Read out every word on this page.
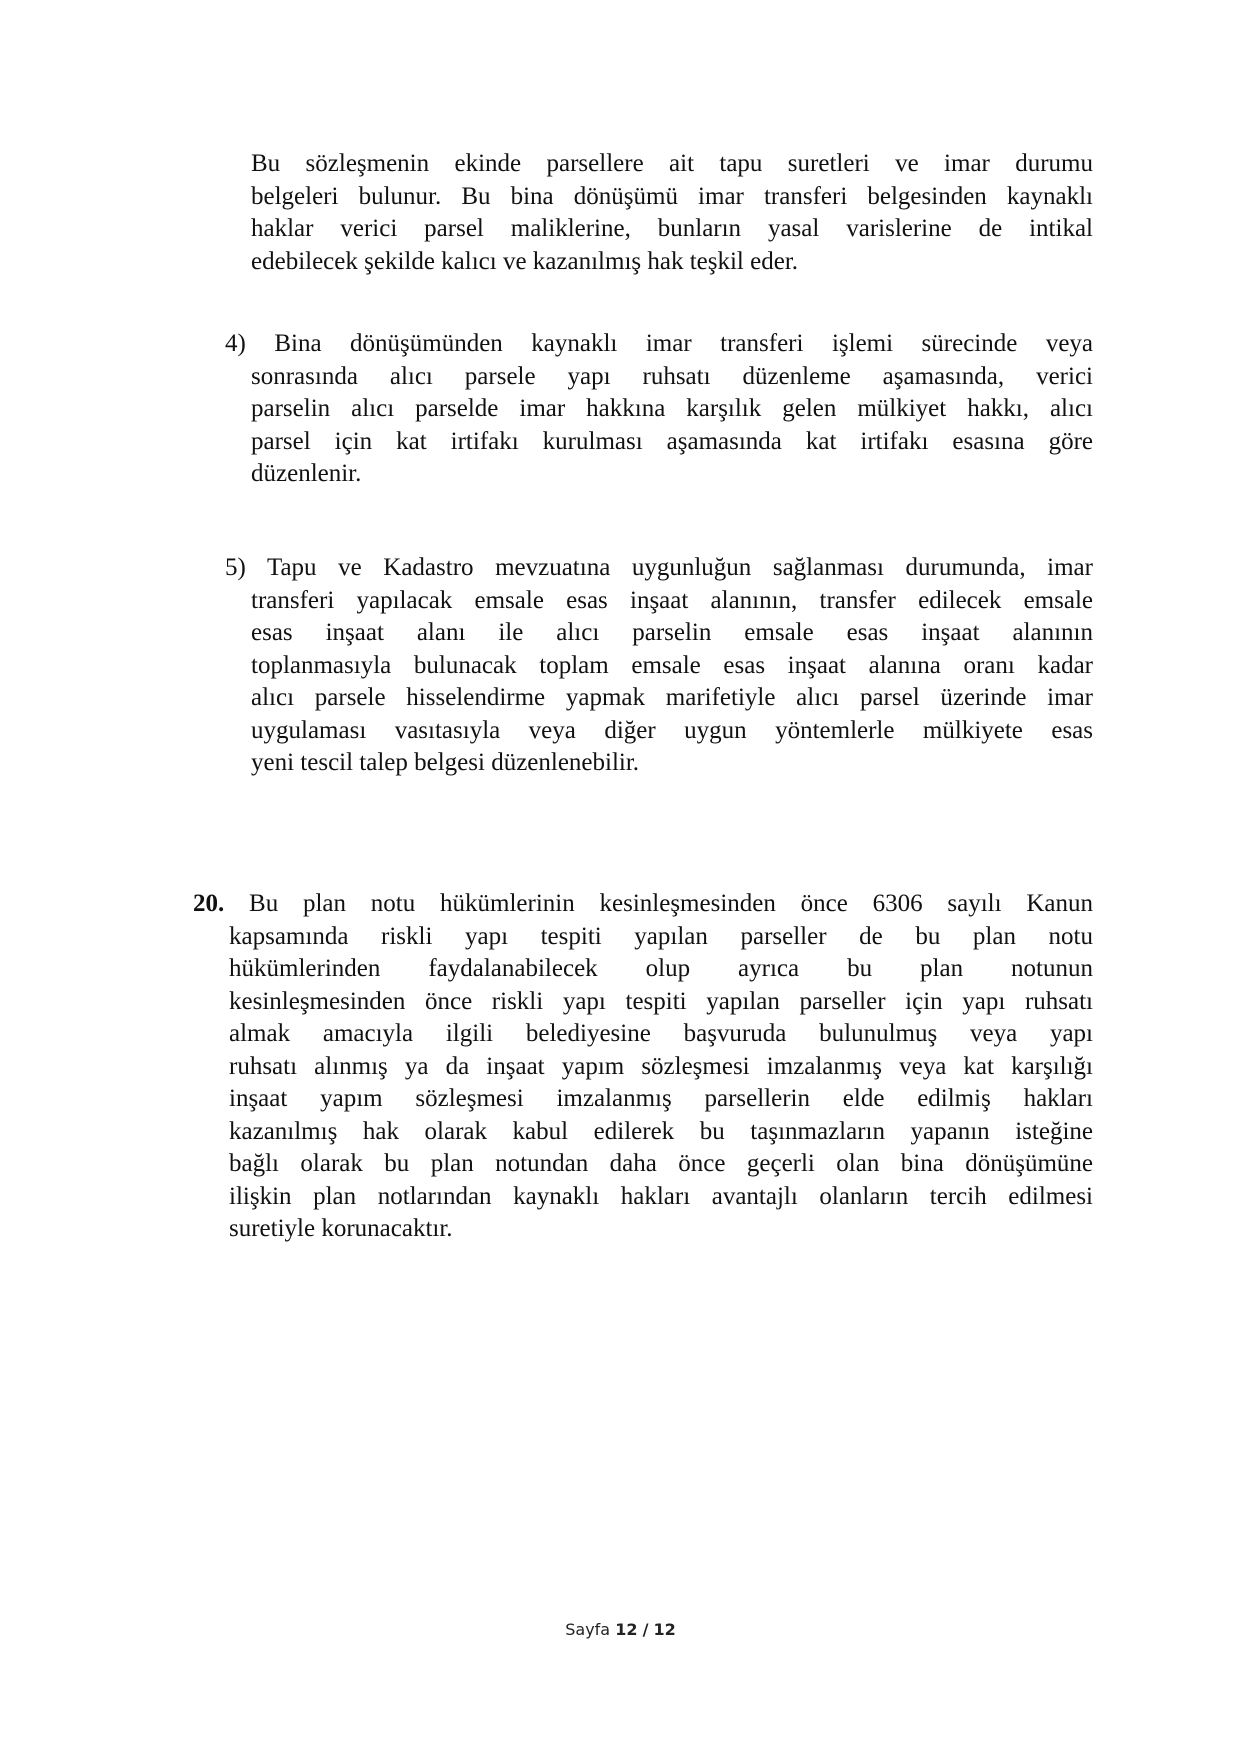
Bu sözleşmenin ekinde parsellere ait tapu suretleri ve imar durumu
belgeleri bulunur. Bu bina dönüşümü imar transferi belgesinden kaynaklı
haklar verici parsel maliklerine, bunların yasal varislerine de intikal
edebilecek şekilde kalıcı ve kazanılmış hak teşkil eder.
4) Bina dönüşümünden kaynaklı imar transferi işlemi sürecinde veya
sonrasında alıcı parsele yapı ruhsatı düzenleme aşamasında, verici
parselin alıcı parselde imar hakkına karşılık gelen mülkiyet hakkı, alıcı
parsel için kat irtifakı kurulması aşamasında kat irtifakı esasına göre
düzenlenir.
5) Tapu ve Kadastro mevzuatına uygunluğun sağlanması durumunda, imar
transferi yapılacak emsale esas inşaat alanının, transfer edilecek emsale
esas inşaat alanı ile alıcı parselin emsale esas inşaat alanının
toplanmasıyla bulunacak toplam emsale esas inşaat alanına oranı kadar
alıcı parsele hisselendirme yapmak marifetiyle alıcı parsel üzerinde imar
uygulaması vasıtasıyla veya diğer uygun yöntemlerle mülkiyete esas
yeni tescil talep belgesi düzenlenebilir.
20. Bu plan notu hükümlerinin kesinleşmesinden önce 6306 sayılı Kanun
kapsamında riskli yapı tespiti yapılan parseller de bu plan notu
hükümlerinden faydalanabilecek olup ayrıca bu plan notunun
kesinleşmesinden önce riskli yapı tespiti yapılan parseller için yapı ruhsatı
almak amacıyla ilgili belediyesine başvuruda bulunulmuş veya yapı
ruhsatı alınmış ya da inşaat yapım sözleşmesi imzalanmış veya kat karşılığı
inşaat yapım sözleşmesi imzalanmış parsellerin elde edilmiş hakları
kazanılmış hak olarak kabul edilerek bu taşınmazların yapanın isteğine
bağlı olarak bu plan notundan daha önce geçerli olan bina dönüşümüne
ilişkin plan notlarından kaynaklı hakları avantajlı olanların tercih edilmesi
suretiyle korunacaktır.
Sayfa 12 / 12
